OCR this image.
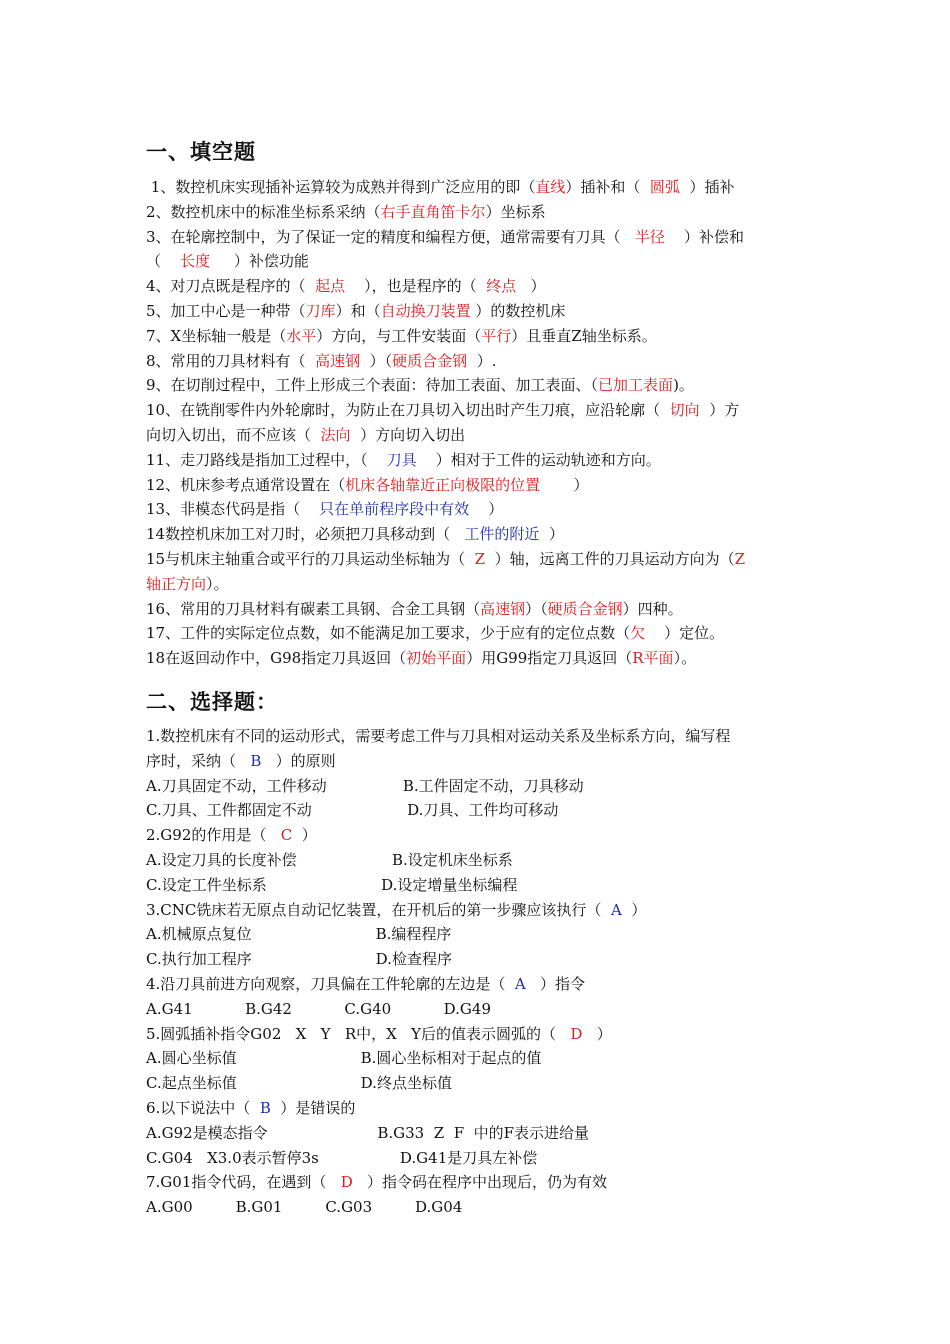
一、填空题
1、数控机床实现插补运算较为成熟并得到广泛应用的即（直线）插补和（  圆弧  ）插补
2、数控机床中的标准坐标系采纳（右手直角笛卡尔）坐标系
3、在轮廓控制中，为了保证一定的精度和编程方便，通常需要有刀具（   半径    ）补偿和
（    长度     ）补偿功能
4、对刀点既是程序的（  起点    ），也是程序的（  终点   ）
5、加工中心是一种带（刀库）和（自动换刀装置 ）的数控机床
7、X坐标轴一般是（水平）方向，与工件安装面（平行）且垂直Z轴坐标系。
8、常用的刀具材料有（  高速钢  ）（硬质合金钢  ）.
9、在切削过程中，工件上形成三个表面：待加工表面、加工表面、（已加工表面)。
10、在铣削零件内外轮廓时，为防止在刀具切入切出时产生刀痕，应沿轮廓（  切向  ）方
向切入切出，而不应该（  法向  ）方向切入切出
11、走刀路线是指加工过程中，（    刀具    ）相对于工件的运动轨迹和方向。
12、机床参考点通常设置在（机床各轴靠近正向极限的位置       ）
13、非模态代码是指（    只在单前程序段中有效    ）
14数控机床加工对刀时，必须把刀具移动到（   工件的附近  ）
15与机床主轴重合或平行的刀具运动坐标轴为（  Z  ）轴，远离工件的刀具运动方向为（Z
轴正方向）。
16、常用的刀具材料有碳素工具钢、合金工具钢（高速钢）（硬质合金钢）四种。
17、工件的实际定位点数，如不能满足加工要求，少于应有的定位点数（欠    ）定位。
18在返回动作中，G98指定刀具返回（初始平面）用G99指定刀具返回（R平面）。
二、选择题：
1.数控机床有不同的运动形式，需要考虑工件与刀具相对运动关系及坐标系方向，编写程
序时，采纳（   B   ）的原则
A.刀具固定不动，工件移动                B.工件固定不动，刀具移动
C.刀具、工件都固定不动                    D.刀具、工件均可移动
2.G92的作用是（   C  ）
A.设定刀具的长度补偿                    B.设定机床坐标系
C.设定工件坐标系                        D.设定增量坐标编程
3.CNC铣床若无原点自动记忆装置，在开机后的第一步骤应该执行（  A  ）
A.机械原点复位                          B.编程程序
C.执行加工程序                          D.检查程序
4.沿刀具前进方向观察，刀具偏在工件轮廓的左边是（  A   ）指令
A.G41           B.G42           C.G40           D.G49
5.圆弧插补指令G02   X   Y   R中，X   Y后的值表示圆弧的（   D   ）
A.圆心坐标值                          B.圆心坐标相对于起点的值
C.起点坐标值                          D.终点坐标值
6.以下说法中（  B  ）是错误的
A.G92是模态指令                       B.G33  Z  F  中的F表示进给量
C.G04   X3.0表示暂停3s                 D.G41是刀具左补偿
7.G01指令代码，在遇到（   D   ）指令码在程序中出现后，仍为有效
A.G00         B.G01         C.G03         D.G04
